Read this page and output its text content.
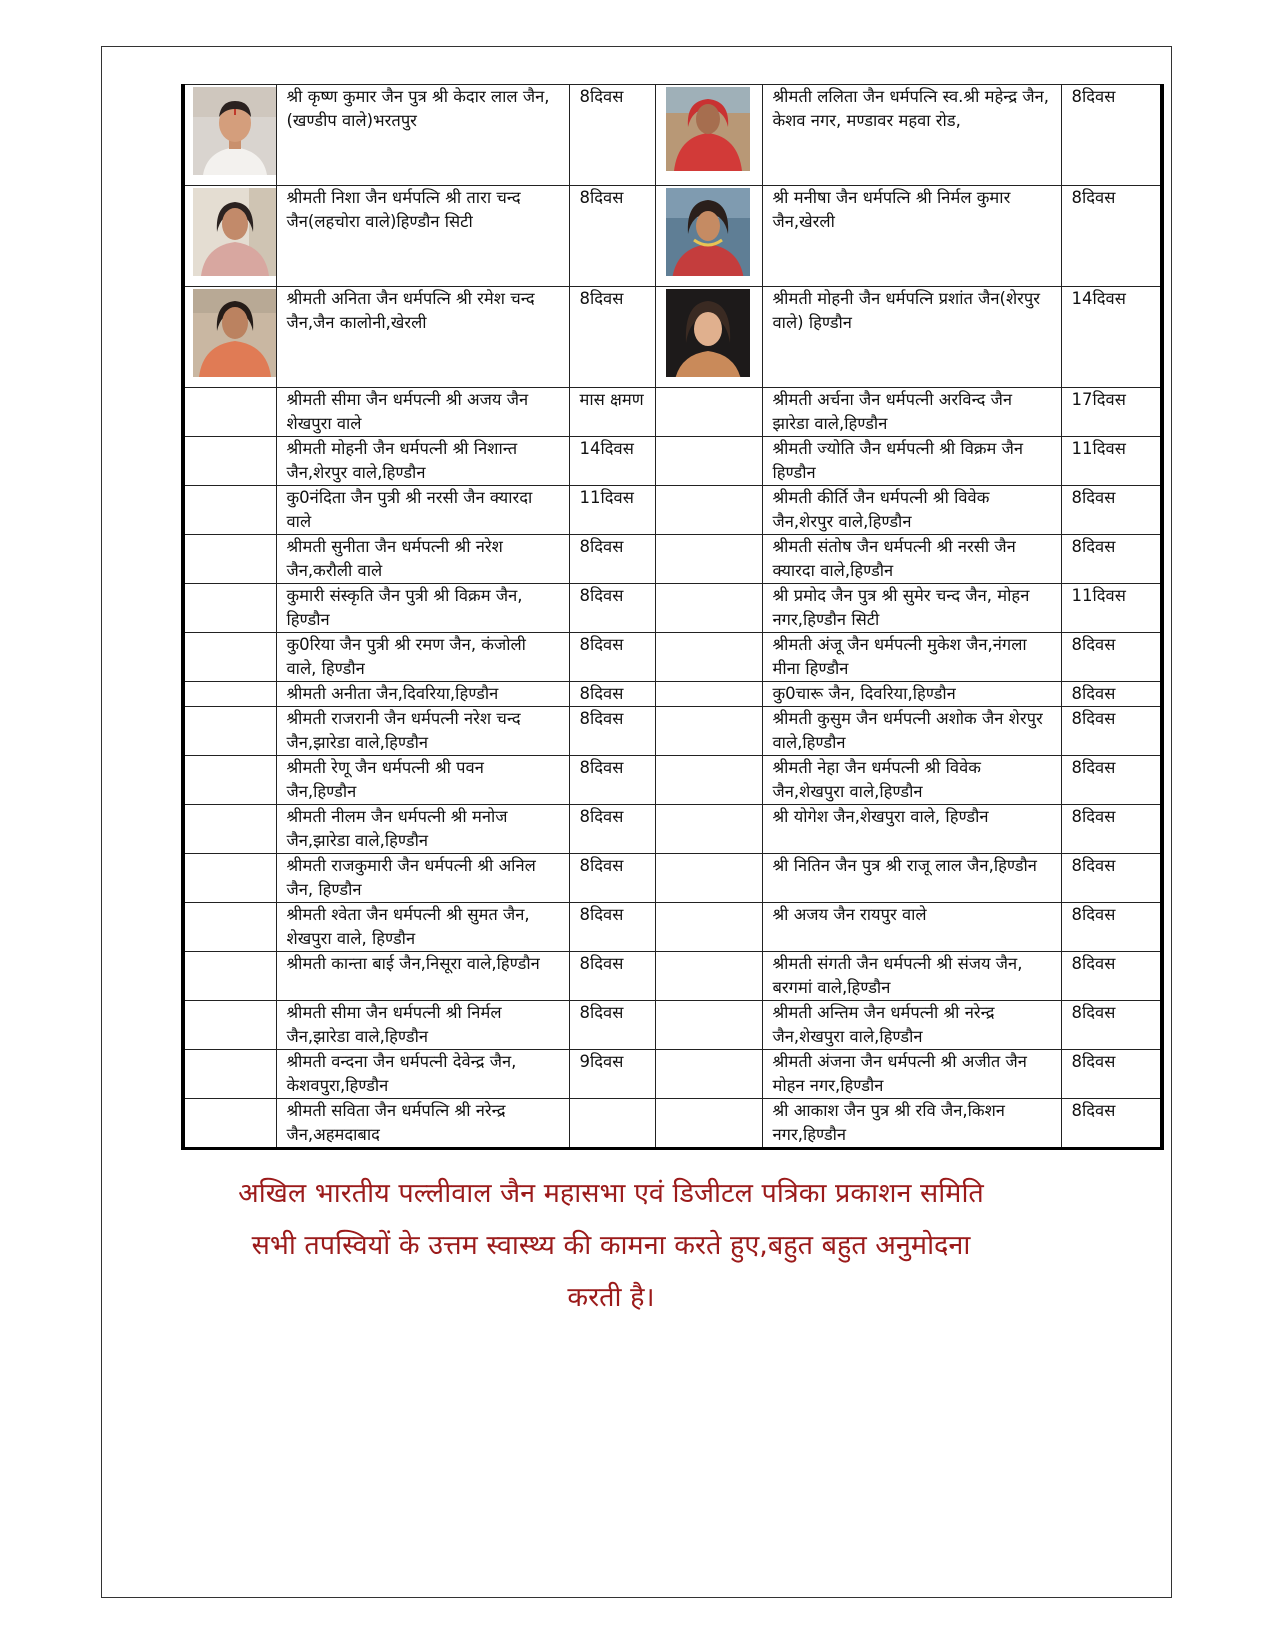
	श्री कृष्ण कुमार जैन पुत्र श्री केदार लाल जैन,(खण्डीप वाले)भरतपुर	8दिवस		श्रीमती ललिता जैन धर्मपत्नि स्व.श्री महेन्द्र जैन, केशव नगर, मण्डावर महवा रोड,	8दिवस

	श्रीमती निशा जैन धर्मपत्नि श्री तारा चन्द जैन(लहचोरा वाले)हिण्डौन सिटी	8दिवस		श्री मनीषा जैन धर्मपत्नि श्री निर्मल कुमार जैन,खेरली	8दिवस

	श्रीमती अनिता जैन धर्मपत्नि श्री रमेश चन्द जैन,जैन कालोनी,खेरली	8दिवस		श्रीमती मोहनी जैन धर्मपत्नि प्रशांत जैन(शेरपुर वाले) हिण्डौन	14दिवस
	श्रीमती सीमा जैन धर्मपत्नी श्री अजय जैन शेखपुरा वाले	मास क्षमण		श्रीमती अर्चना जैन धर्मपत्नी अरविन्द जैन झारेडा वाले,हिण्डौन	17दिवस
	श्रीमती मोहनी जैन धर्मपत्नी श्री निशान्त जैन,शेरपुर वाले,हिण्डौन	14दिवस		श्रीमती ज्योति जैन धर्मपत्नी श्री विक्रम जैन हिण्डौन	11दिवस
	कु0नंदिता जैन पुत्री श्री नरसी जैन क्यारदा वाले	11दिवस		श्रीमती कीर्ति जैन धर्मपत्नी श्री विवेक जैन,शेरपुर वाले,हिण्डौन	8दिवस
	श्रीमती सुनीता जैन धर्मपत्नी श्री नरेश जैन,करौली वाले	8दिवस		श्रीमती संतोष जैन धर्मपत्नी श्री नरसी जैन क्यारदा वाले,हिण्डौन	8दिवस
	कुमारी संस्कृति जैन पुत्री श्री विक्रम जैन, हिण्डौन	8दिवस		श्री प्रमोद जैन पुत्र श्री सुमेर चन्द जैन, मोहन नगर,हिण्डौन सिटी	11दिवस
	कु0रिया जैन पुत्री श्री रमण जैन, कंजोली वाले, हिण्डौन	8दिवस		श्रीमती अंजू जैन धर्मपत्नी मुकेश जैन,नंगला मीना हिण्डौन	8दिवस
	श्रीमती अनीता जैन,दिवरिया,हिण्डौन	8दिवस		कु0चारू जैन, दिवरिया,हिण्डौन	8दिवस
	श्रीमती राजरानी जैन धर्मपत्नी नरेश चन्द जैन,झारेडा वाले,हिण्डौन	8दिवस		श्रीमती कुसुम जैन धर्मपत्नी अशोक जैन शेरपुर वाले,हिण्डौन	8दिवस
	श्रीमती रेणू जैन धर्मपत्नी श्री पवन जैन,हिण्डौन	8दिवस		श्रीमती नेहा जैन धर्मपत्नी श्री विवेक जैन,शेखपुरा वाले,हिण्डौन	8दिवस
	श्रीमती नीलम जैन धर्मपत्नी श्री मनोज जैन,झारेडा वाले,हिण्डौन	8दिवस		श्री योगेश जैन,शेखपुरा वाले, हिण्डौन	8दिवस
	श्रीमती राजकुमारी जैन धर्मपत्नी श्री अनिल जैन, हिण्डौन	8दिवस		श्री नितिन जैन पुत्र श्री राजू लाल जैन,हिण्डौन	8दिवस
	श्रीमती श्वेता जैन धर्मपत्नी श्री सुमत जैन, शेखपुरा वाले, हिण्डौन	8दिवस		श्री अजय जैन रायपुर वाले	8दिवस
	श्रीमती कान्ता बाई जैन,निसूरा वाले,हिण्डौन	8दिवस		श्रीमती संगती जैन धर्मपत्नी श्री संजय जैन, बरगमां वाले,हिण्डौन	8दिवस
	श्रीमती सीमा जैन धर्मपत्नी श्री निर्मल जैन,झारेडा वाले,हिण्डौन	8दिवस		श्रीमती अन्तिम जैन धर्मपत्नी श्री नरेन्द्र जैन,शेखपुरा वाले,हिण्डौन	8दिवस
	श्रीमती वन्दना जैन धर्मपत्नी देवेन्द्र जैन, केशवपुरा,हिण्डौन	9दिवस		श्रीमती अंजना जैन धर्मपत्नी श्री अजीत जैन मोहन नगर,हिण्डौन	8दिवस
	श्रीमती सविता जैन धर्मपत्नि श्री नरेन्द्र जैन,अहमदाबाद			श्री आकाश जैन पुत्र श्री रवि जैन,किशन नगर,हिण्डौन	8दिवस
अखिल भारतीय पल्लीवाल जैन महासभा एवं डिजीटल पत्रिका प्रकाशन समिति
सभी तपस्वियों के उत्तम स्वास्थ्य की कामना करते हुए,बहुत बहुत अनुमोदना
करती है।
